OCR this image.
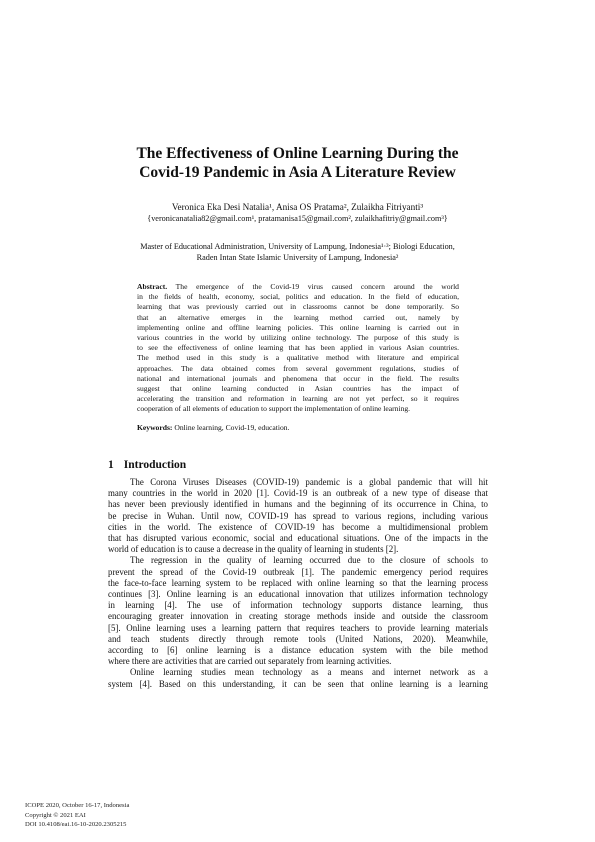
The Effectiveness of Online Learning During the
Covid-19 Pandemic in Asia A Literature Review
Veronica Eka Desi Natalia¹, Anisa OS Pratama², Zulaikha Fitriyanti³
{veronicanatalia82@gmail.com¹, pratamanisa15@gmail.com², zulaikhafitriy@gmail.com³}
Master of Educational Administration, University of Lampung, Indonesia¹·³; Biologi Education,
Raden Intan State Islamic University of Lampung, Indonesia²
Abstract. The emergence of the Covid-19 virus caused concern around the world
in the fields of health, economy, social, politics and education. In the field of education,
learning that was previously carried out in classrooms cannot be done temporarily. So
that an alternative emerges in the learning method carried out, namely by
implementing online and offline learning policies. This online learning is carried out in
various countries in the world by utilizing online technology. The purpose of this study is
to see the effectiveness of online learning that has been applied in various Asian countries.
The method used in this study is a qualitative method with literature and empirical
approaches. The data obtained comes from several government regulations, studies of
national and international journals and phenomena that occur in the field. The results
suggest that online learning conducted in Asian countries has the impact of
accelerating the transition and reformation in learning are not yet perfect, so it requires
cooperation of all elements of education to support the implementation of online learning.
Keywords: Online learning, Covid-19, education.
1 Introduction
The Corona Viruses Diseases (COVID-19) pandemic is a global pandemic that will hit
many countries in the world in 2020 [1]. Covid-19 is an outbreak of a new type of disease that
has never been previously identified in humans and the beginning of its occurrence in China, to
be precise in Wuhan. Until now, COVID-19 has spread to various regions, including various
cities in the world. The existence of COVID-19 has become a multidimensional problem
that has disrupted various economic, social and educational situations. One of the impacts in the
world of education is to cause a decrease in the quality of learning in students [2].
The regression in the quality of learning occurred due to the closure of schools to
prevent the spread of the Covid-19 outbreak [1]. The pandemic emergency period requires
the face-to-face learning system to be replaced with online learning so that the learning process
continues [3]. Online learning is an educational innovation that utilizes information technology
in learning [4]. The use of information technology supports distance learning, thus
encouraging greater innovation in creating storage methods inside and outside the classroom
[5]. Online learning uses a learning pattern that requires teachers to provide learning materials
and teach students directly through remote tools (United Nations, 2020). Meanwhile,
according to [6] online learning is a distance education system with the bile method
where there are activities that are carried out separately from learning activities.
Online learning studies mean technology as a means and internet network as a
system [4]. Based on this understanding, it can be seen that online learning is a learning
ICOPE 2020, October 16-17, Indonesia
Copyright © 2021 EAI
DOI 10.4108/eai.16-10-2020.2305215
